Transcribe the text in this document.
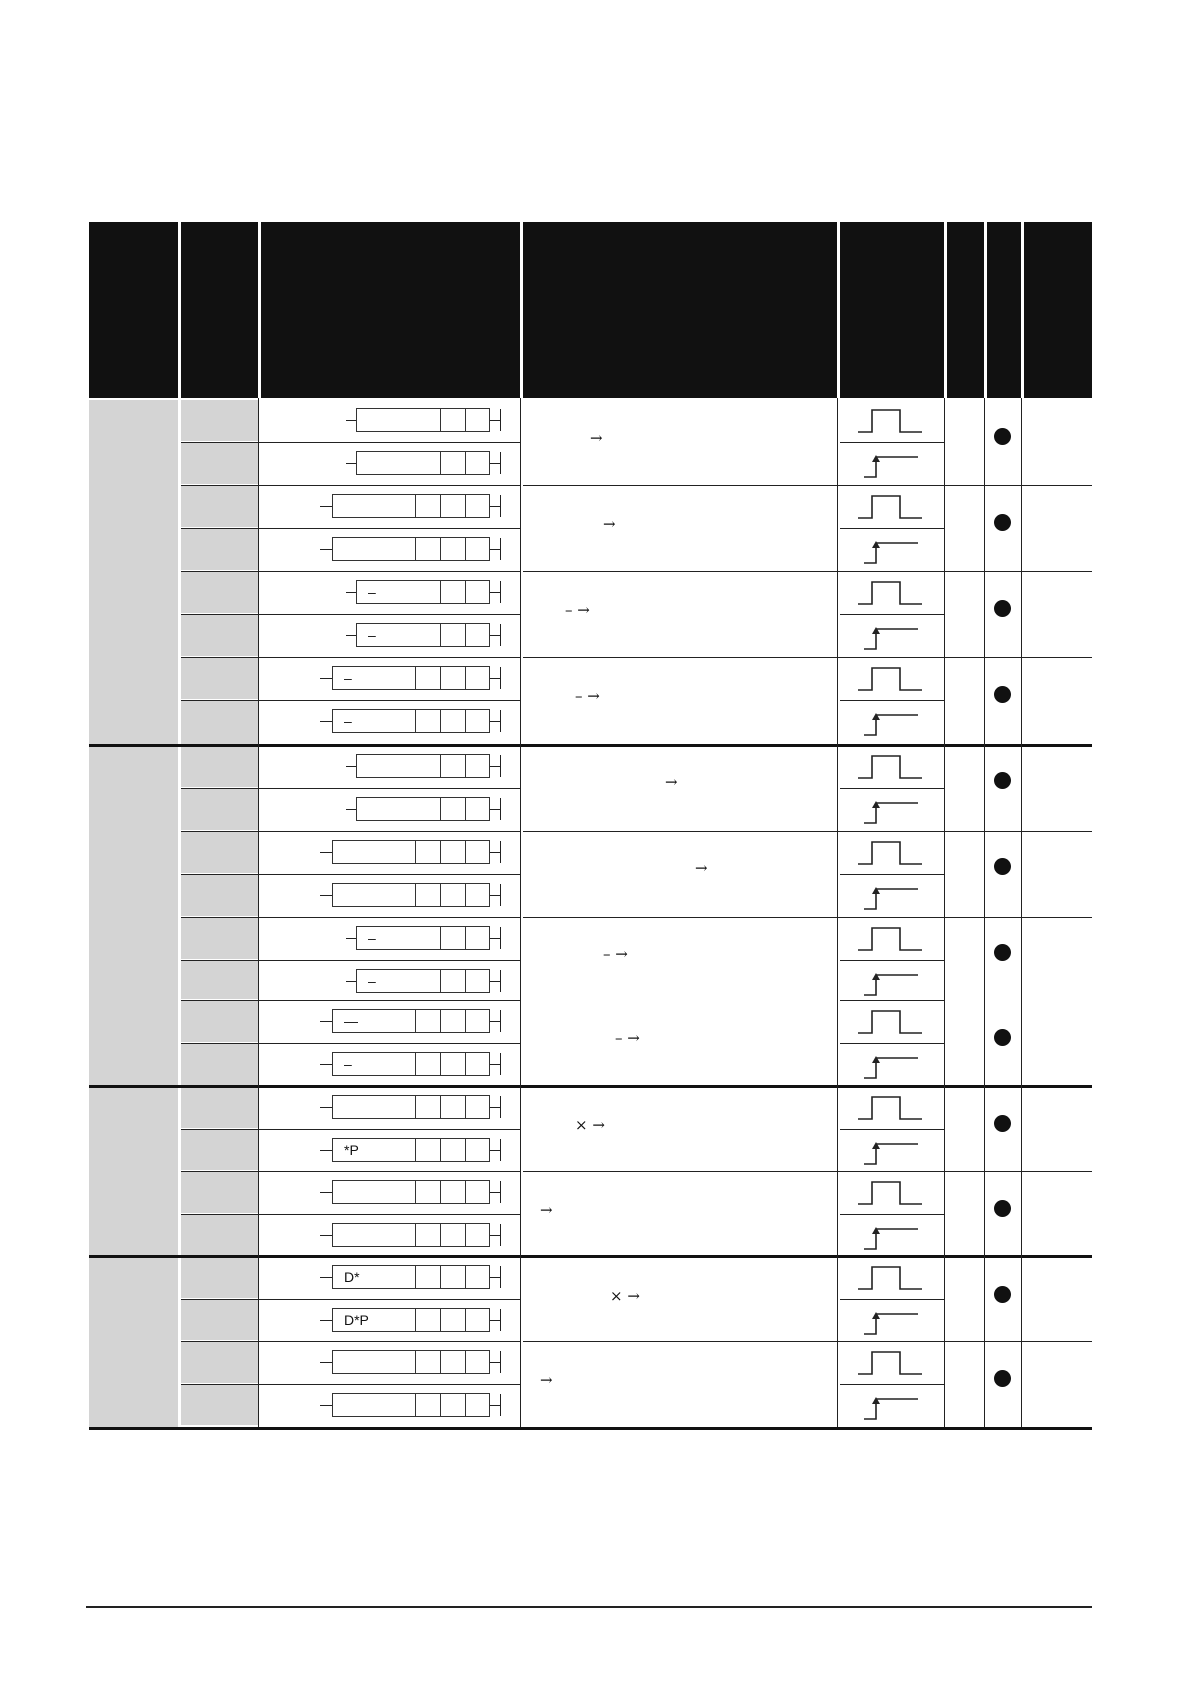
–
–
–
–
–
–
—
–
*P
D*
D*P
→
→
– →
– →
→
→
– →
– →
× →
→
× →
→
